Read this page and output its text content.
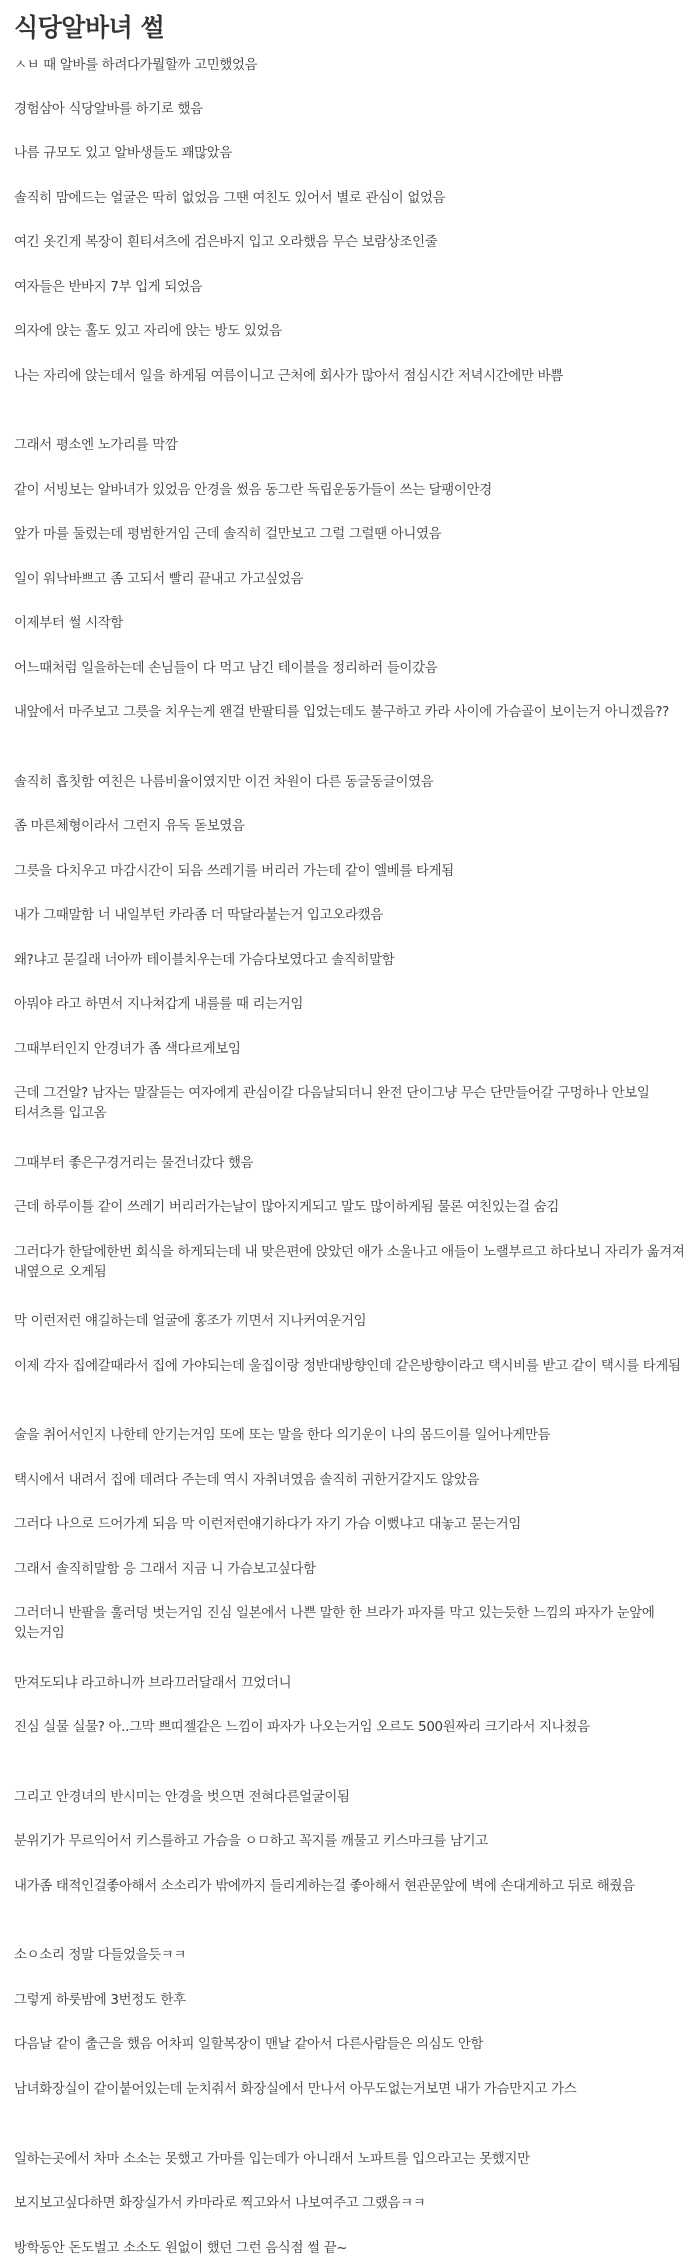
식당알바녀 썰

ㅅㅂ 때 알바를 하려다가뭘할까 고민했었음

경험삼아 식당알바를 하기로 했음

나름 규모도 있고 알바생들도 꽤많았음

솔직히 맘에드는 얼굴은 딱히 없었음 그땐 여친도 있어서 별로 관심이 없었음

여긴 옷긴게 복장이 흰티셔츠에 검은바지 입고 오라했음 무슨 보람상조인줄

여자들은 반바지 7부 입게 되었음

의자에 앉는 홀도 있고 자리에 앉는 방도 있었음

나는 자리에 앉는데서 일을 하게됨 여름이니고 근처에 회사가 많아서 점심시간 저녁시간에만 바쁨

그래서 평소엔 노가리를 막깜

같이 서빙보는 알바녀가 있었음 안경을 썼음 동그란 독립운동가들이 쓰는 달팽이안경

앞가 마를 둘렀는데 평범한거임 근데 솔직히 걸만보고 그럴 그럴땐 아니였음

일이 워낙바쁘고 좀 고되서 빨리 끝내고 가고싶었음

이제부터 썰 시작함

어느때처럼 일을하는데 손님들이 다 먹고 남긴 테이블을 정리하러 들이갔음

내앞에서 마주보고 그릇을 치우는게 왠걸 반팔티를 입었는데도 불구하고 카라 사이에 가슴골이 보이는거 아니겠음??

솔직히 흡칫함 여친은 나름비율이였지만 이건 차원이 다른 동글동글이였음

좀 마른체형이라서 그런지 유독 돋보였음

그릇을 다치우고 마감시간이 되음 쓰레기를 버리러 가는데 같이 엘베를 타게됨

내가 그때말함 너 내일부턴 카라좀 더 딱달라붙는거 입고오라캤음

왜?냐고 묻길래 너아까 테이블치우는데 가슴다보였다고 솔직히말함

아뭐야 라고 하면서 지나쳐갑게 내를를 때 리는거임

그때부터인지 안경녀가 좀 색다르게보임

근데 그건알? 남자는 말잘듣는 여자에게 관심이갈 다음날되더니 완전 단이그냥 무슨 단만들어갈 구멍하나 안보일 티셔츠를 입고옴

그때부터 좋은구경거리는 물건너갔다 했음

근데 하루이틀 같이 쓰레기 버리러가는날이 많아지게되고 말도 많이하게됨 물론 여친있는걸 숨김

그러다가 한달에한번 회식을 하게되는데 내 맞은편에 앉았던 애가 소울나고 애들이 노랠부르고 하다보니 자리가 옮겨져 내옆으로 오게됨

막 이런저런 얘길하는데 얼굴에 홍조가 끼면서 지나커여운거임

이제 각자 집에갈때라서 집에 가야되는데 울집이랑 정반대방향인데 같은방향이라고 택시비를 받고 같이 택시를 타게됨

술을 취어서인지 나한테 안기는거임 또에 또는 말을 한다 의기운이 나의 몸드이를 일어나게만듬

택시에서 내려서 집에 데려다 주는데 역시 자취녀였음 솔직히 귀한거갈지도 않았음

그러다 나으로 드어가게 되음 막 이런저런얘기하다가 자기 가슴 이뻤냐고 대놓고 묻는거임

그래서 솔직히말함 응 그래서 지금 니 가슴보고싶다함

그러더니 반팔을 훌러덩 벗는거임 진심 일본에서 나쁜 말한 한 브라가 파자를 막고 있는듯한 느낌의 파자가 눈앞에 있는거임

만져도되냐 라고하니까 브라끄러달래서 끄었더니

진심 실물 실물? 아..그막 쁘띠젤같은 느낌이 파자가 나오는거임 오르도 500원짜리 크기라서 지나쳤음

그리고 안경녀의 반시미는 안경을 벗으면 전혀다른얼굴이됨

분위기가 무르익어서 키스를하고 가슴을 ㅇㅁ하고 꼭지를 깨물고 키스마크를 남기고

내가좀 태적인걸좋아해서 소소리가 밖에까지 들리게하는걸 좋아해서 현관문앞에 벽에 손대게하고 뒤로 해줬음

소ㅇ소리 정말 다들었을듯ㅋㅋ

그렇게 하룻밤에 3번정도 한후

다음날 같이 출근을 했음 어차피 일할복장이 맨날 같아서 다른사람들은 의심도 안함

남녀화장실이 같이붙어있는데 눈치줘서 화장실에서 만나서 아무도없는거보면 내가 가슴만지고 가스

일하는곳에서 차마 소소는 못했고 가마를 입는데가 아니래서 노파트를 입으라고는 못했지만

보지보고싶다하면 화장실가서 카마라로 찍고와서 나보여주고 그랬음ㅋㅋ

방학동안 돈도벌고 소소도 원없이 했던 그런 음식점 썰 끝~
